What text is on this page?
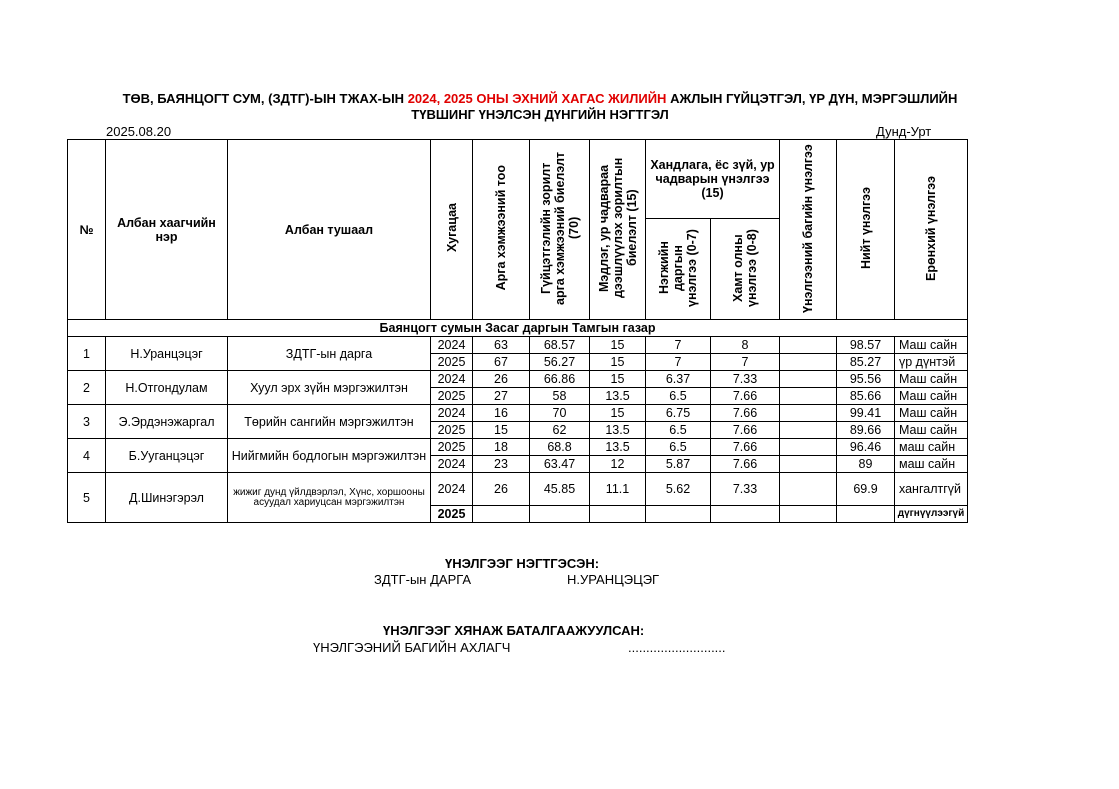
ТӨВ, БАЯНЦОГТ СУМ, (ЗДТГ)-ЫН ТЖАХ-ЫН 2024, 2025 ОНЫ ЭХНИЙ ХАГАС ЖИЛИЙН АЖЛЫН ГҮЙЦЭТГЭЛ, ҮР ДҮН, МЭРГЭШЛИЙН
ТҮВШИНГ ҮНЭЛСЭН ДҮНГИЙН НЭГТГЭЛ
2025.08.20	Дунд-Урт
№	Албан хаагчийн нэр	Албан тушаал	Хугацаа	Арга хэмжээний тоо	Гүйцэтгэлийн зорилт арга хэмжээний биелэлт (70)	Мэдлэг, ур чадвараа дээшлүүлэх зорилтын биелэлт (15)	Хандлага, ёс зүй, ур чадварын үнэлгээ (15)		Үнэлгээний багийн үнэлгээ	Нийт үнэлгээ	Ерөнхий үнэлгээ
							Нэгжийн даргын үнэлгээ (0-7)	Хамт олны үнэлгээ (0-8)			
Баянцогт сумын Засаг даргын Тамгын газар											
1	Н.Уранцэцэг	ЗДТГ-ын дарга	2024	63	68.57	15	7	8		98.57	Маш сайн
			2025	67	56.27	15	7	7		85.27	үр дүнтэй
2	Н.Отгондулам	Хуул эрх зүйн мэргэжилтэн	2024	26	66.86	15	6.37	7.33		95.56	Маш сайн
			2025	27	58	13.5	6.5	7.66		85.66	Маш сайн
3	Э.Эрдэнэжаргал	Төрийн сангийн мэргэжилтэн	2024	16	70	15	6.75	7.66		99.41	Маш сайн
			2025	15	62	13.5	6.5	7.66		89.66	Маш сайн
4	Б.Ууганцэцэг	Нийгмийн бодлогын мэргэжилтэн	2025	18	68.8	13.5	6.5	7.66		96.46	маш сайн
			2024	23	63.47	12	5.87	7.66		89	маш сайн
5	Д.Шинэгэрэл	жижиг дунд үйлдвэрлэл, Хүнс, хоршооны асуудал хариуцсан мэргэжилтэн	2024	26	45.85	11.1	5.62	7.33		69.9	хангалтгүй
			2025								дүгнүүлээгүй
ҮНЭЛГЭЭГ НЭГТГЭСЭН:
ЗДТГ-ын ДАРГА	Н.УРАНЦЭЦЭГ
ҮНЭЛГЭЭГ ХЯНАЖ БАТАЛГААЖУУЛСАН:
ҮНЭЛГЭЭНИЙ БАГИЙН АХЛАГЧ	...........................
